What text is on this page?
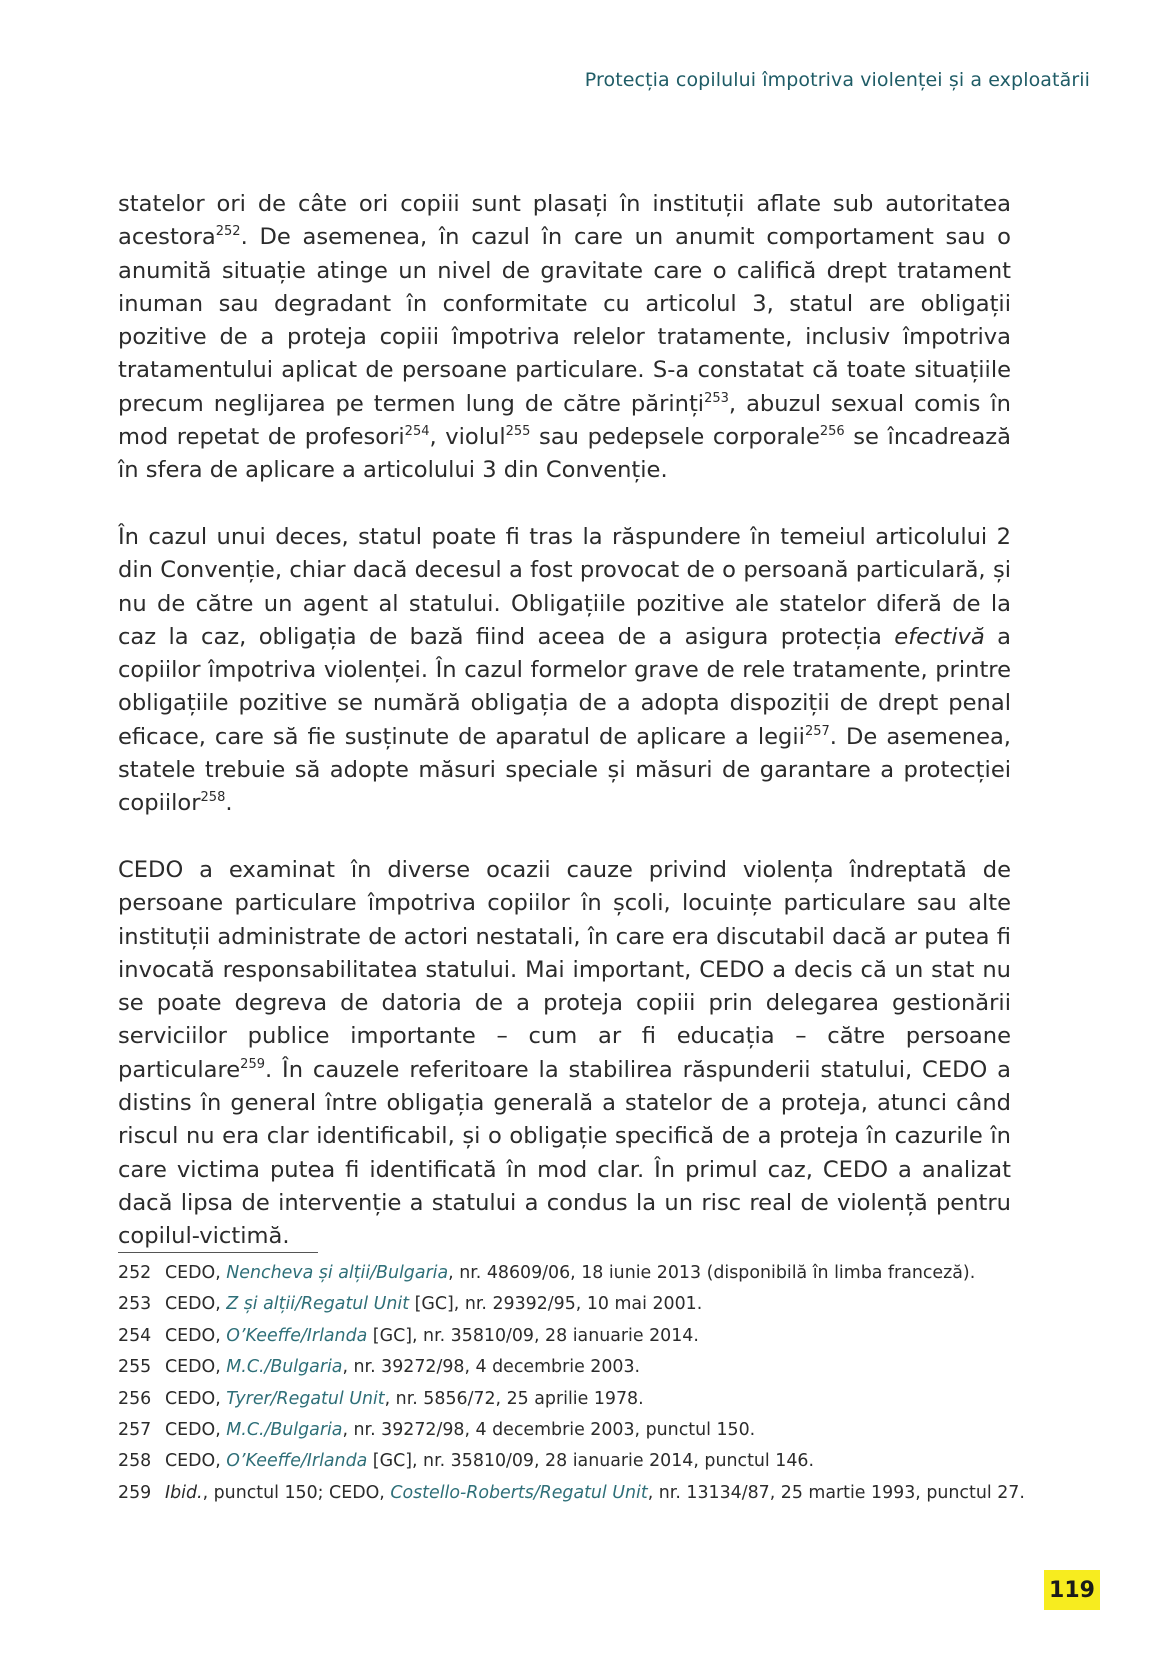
Protecția copilului împotriva violenței și a exploatării

statelor ori de câte ori copiii sunt plasați în instituții aflate sub autoritatea acestora$^{252}$. De asemenea, în cazul în care un anumit comportament sau o anumită situație atinge un nivel de gravitate care o califică drept tratament inuman sau degradant în conformitate cu articolul 3, statul are obligații pozitive de a proteja copiii împotriva relelor tratamente, inclusiv împotriva tratamentului aplicat de persoane particulare. S-a constatat că toate situațiile precum neglijarea pe termen lung de către părinți$^{253}$, abuzul sexual comis în mod repetat de profesori$^{254}$, violul$^{255}$ sau pedepsele corporale$^{256}$ se încadrează în sfera de aplicare a articolului 3 din Convenție.

În cazul unui deces, statul poate fi tras la răspundere în temeiul articolului 2 din Convenție, chiar dacă decesul a fost provocat de o persoană particulară, și nu de către un agent al statului. Obligațiile pozitive ale statelor diferă de la caz la caz, obligația de bază fiind aceea de a asigura protecția efectivă a copiilor împotriva violenței. În cazul formelor grave de rele tratamente, printre obligațiile pozitive se numără obligația de a adopta dispoziții de drept penal eficace, care să fie susținute de aparatul de aplicare a legii$^{257}$. De asemenea, statele trebuie să adopte măsuri speciale și măsuri de garantare a protecției copiilor$^{258}$.

CEDO a examinat în diverse ocazii cauze privind violența îndreptată de persoane particulare împotriva copiilor în școli, locuințe particulare sau alte instituții administrate de actori nestatali, în care era discutabil dacă ar putea fi invocată responsabilitatea statului. Mai important, CEDO a decis că un stat nu se poate degreva de datoria de a proteja copiii prin delegarea gestionării serviciilor publice importante – cum ar fi educația – către persoane particulare$^{259}$. În cauzele referitoare la stabilirea răspunderii statului, CEDO a distins în general între obligația generală a statelor de a proteja, atunci când riscul nu era clar identificabil, și o obligație specifică de a proteja în cazurile în care victima putea fi identificată în mod clar. În primul caz, CEDO a analizat dacă lipsa de intervenție a statului a condus la un risc real de violență pentru copilul-victimă.

252 CEDO, Nencheva și alții/Bulgaria, nr. 48609/06, 18 iunie 2013 (disponibilă în limba franceză).
253 CEDO, Z și alții/Regatul Unit [GC], nr. 29392/95, 10 mai 2001.
254 CEDO, O’Keeffe/Irlanda [GC], nr. 35810/09, 28 ianuarie 2014.
255 CEDO, M.C./Bulgaria, nr. 39272/98, 4 decembrie 2003.
256 CEDO, Tyrer/Regatul Unit, nr. 5856/72, 25 aprilie 1978.
257 CEDO, M.C./Bulgaria, nr. 39272/98, 4 decembrie 2003, punctul 150.
258 CEDO, O’Keeffe/Irlanda [GC], nr. 35810/09, 28 ianuarie 2014, punctul 146.
259 Ibid., punctul 150; CEDO, Costello-Roberts/Regatul Unit, nr. 13134/87, 25 martie 1993, punctul 27.
119
